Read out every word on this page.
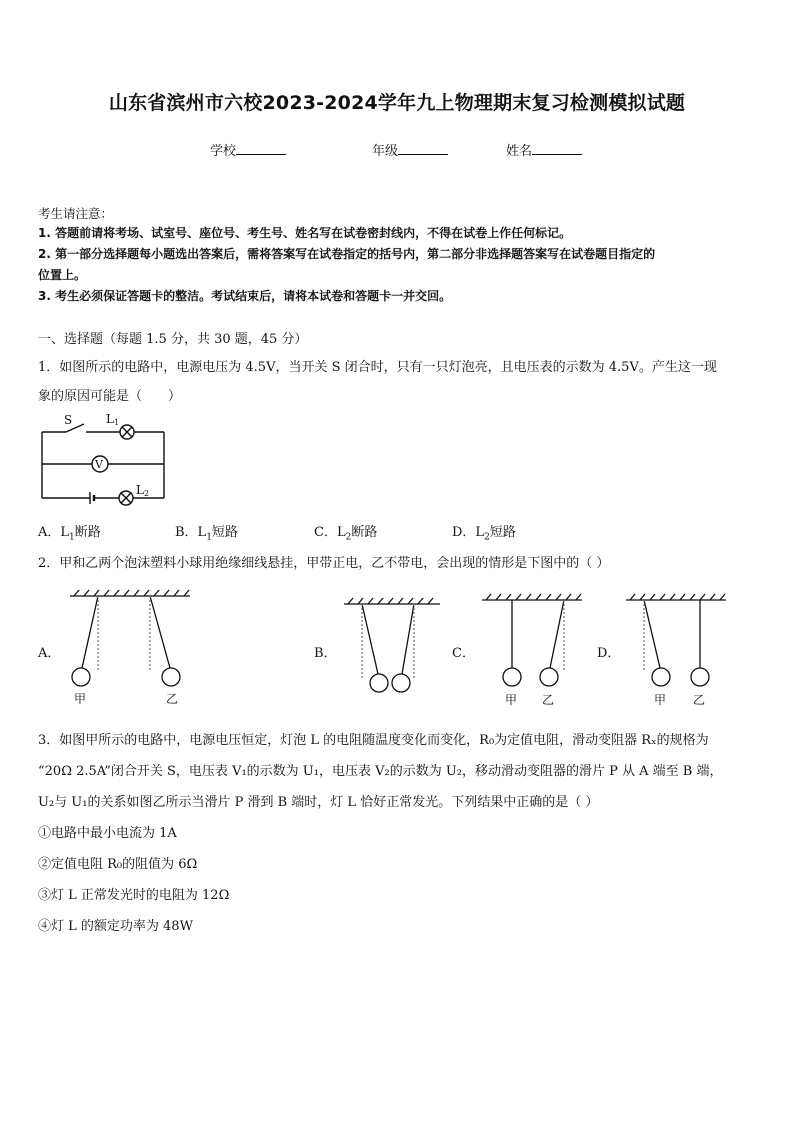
山东省滨州市六校2023-2024学年九上物理期末复习检测模拟试题
学校	年级	姓名
考生请注意：
1. 答题前请将考场、试室号、座位号、考生号、姓名写在试卷密封线内，不得在试卷上作任何标记。
2. 第一部分选择题每小题选出答案后，需将答案写在试卷指定的括号内，第二部分非选择题答案写在试卷题目指定的
位置上。
3. 考生必须保证答题卡的整洁。考试结束后，请将本试卷和答题卡一并交回。
一、选择题（每题 1.5 分，共 30 题，45 分）
1．如图所示的电路中，电源电压为 4.5V，当开关 S 闭合时，只有一只灯泡亮，且电压表的示数为 4.5V。产生这一现
象的原因可能是（　　）
S	L1
V
L2
A．$L_1$断路	B．$L_1$短路	C．$L_2$断路	D．$L_2$短路
2．甲和乙两个泡沫塑料小球用绝缘细线悬挂，甲带正电，乙不带电，会出现的情形是下图中的（ ）
A．	B．	C．	D．
甲	乙	甲 乙	甲 乙
3．如图甲所示的电路中，电源电压恒定，灯泡 L 的电阻随温度变化而变化，R₀为定值电阻，滑动变阻器 Rₓ的规格为
“20Ω 2.5A”闭合开关 S，电压表 V₁的示数为 U₁，电压表 V₂的示数为 U₂，移动滑动变阻器的滑片 P 从 A 端至 B 端，
U₂与 U₁的关系如图乙所示当滑片 P 滑到 B 端时，灯 L 恰好正常发光。下列结果中正确的是（ ）
①电路中最小电流为 1A
②定值电阻 R₀的阻值为 6Ω
③灯 L 正常发光时的电阻为 12Ω
④灯 L 的额定功率为 48W
